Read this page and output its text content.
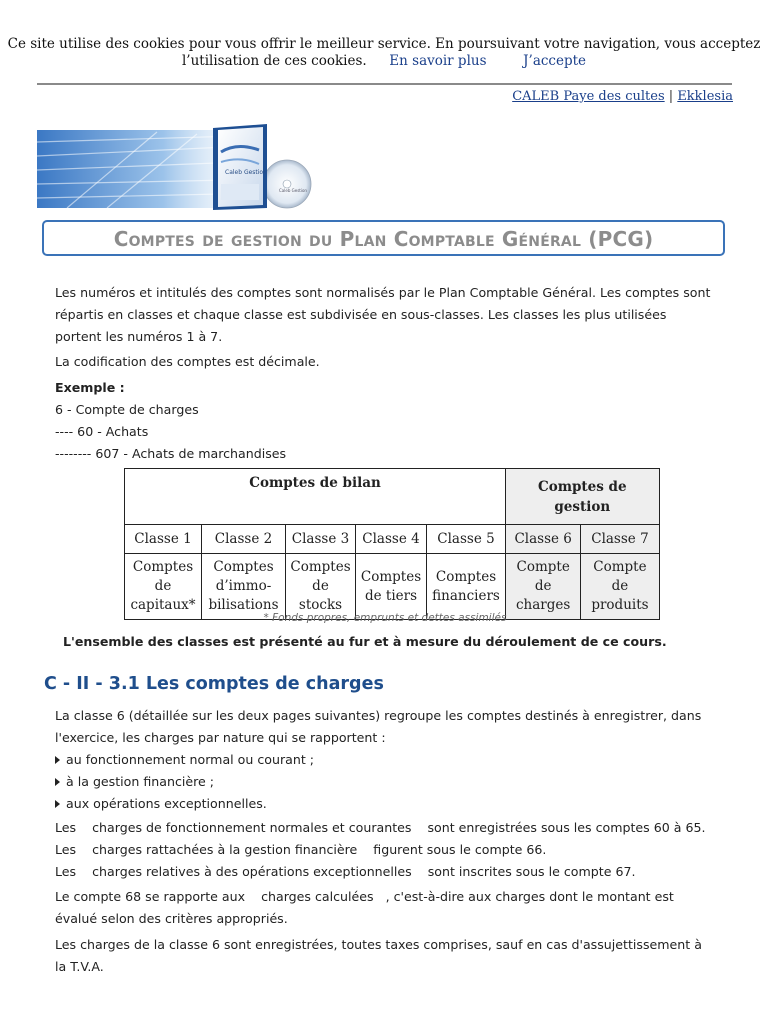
Ce site utilise des cookies pour vous offrir le meilleur service. En poursuivant votre navigation, vous acceptez
l’utilisation de ces cookies. En savoir plus	J’accepte
CALEB Paye des cultes | Ekklesia
Caleb Gestion
Caleb Gestion
Comptes de gestion du Plan Comptable Général (PCG)

Les numéros et intitulés des comptes sont normalisés par le Plan Comptable Général. Les comptes sont répartis en classes et chaque classe est subdivisée en sous-classes. Les classes les plus utilisées portent les numéros 1 à 7.

La codification des comptes est décimale.

Exemple :

6 - Compte de charges

---- 60 - Achats

-------- 607 - Achats de marchandises

Comptes de bilan					Comptes de gestion	
Classe 1	Classe 2	Classe 3	Classe 4	Classe 5	Classe 6	Classe 7
Comptes de capitaux*	Comptes d’immo-bilisations	Comptes de stocks	Comptes de tiers	Comptes financiers	Compte de charges	Compte de produits
* Fonds propres, emprunts et dettes assimilés
L'ensemble des classes est présenté au fur et à mesure du déroulement de ce cours.
C - II - 3.1 Les comptes de charges

La classe 6 (détaillée sur les deux pages suivantes) regroupe les comptes destinés à enregistrer, dans l'exercice, les charges par nature qui se rapportent :

au fonctionnement normal ou courant ;

à la gestion financière ;

aux opérations exceptionnelles.

Les    charges de fonctionnement normales et courantes    sont enregistrées sous les comptes 60 à 65.

Les    charges rattachées à la gestion financière    figurent sous le compte 66.

Les    charges relatives à des opérations exceptionnelles    sont inscrites sous le compte 67.

Le compte 68 se rapporte aux    charges calculées   , c'est-à-dire aux charges dont le montant est évalué selon des critères appropriés.

Les charges de la classe 6 sont enregistrées, toutes taxes comprises, sauf en cas d'assujettissement à la T.V.A.
